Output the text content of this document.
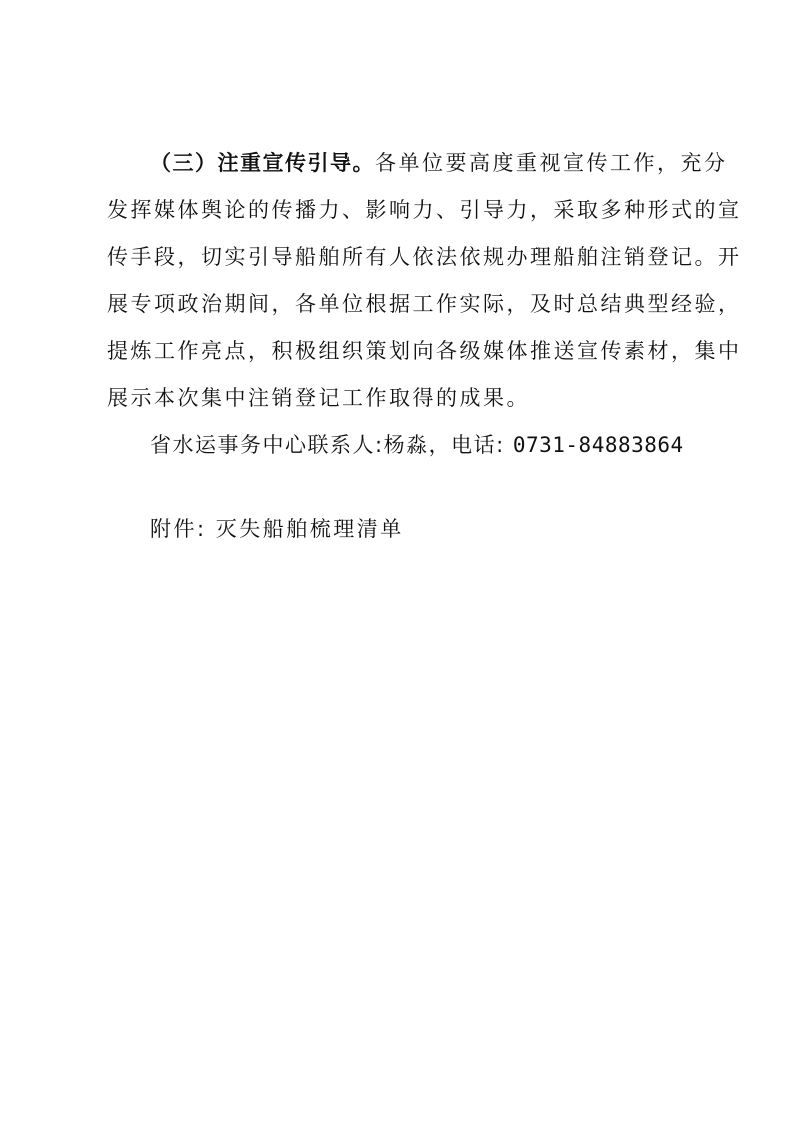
（三）注重宣传引导。各单位要高度重视宣传工作，充分
发挥媒体舆论的传播力、影响力、引导力，采取多种形式的宣
传手段，切实引导船舶所有人依法依规办理船舶注销登记。开
展专项政治期间，各单位根据工作实际，及时总结典型经验，
提炼工作亮点，积极组织策划向各级媒体推送宣传素材，集中
展示本次集中注销登记工作取得的成果。
省水运事务中心联系人:杨淼，电话: 0731-84883864
附件: 灭失船舶梳理清单
